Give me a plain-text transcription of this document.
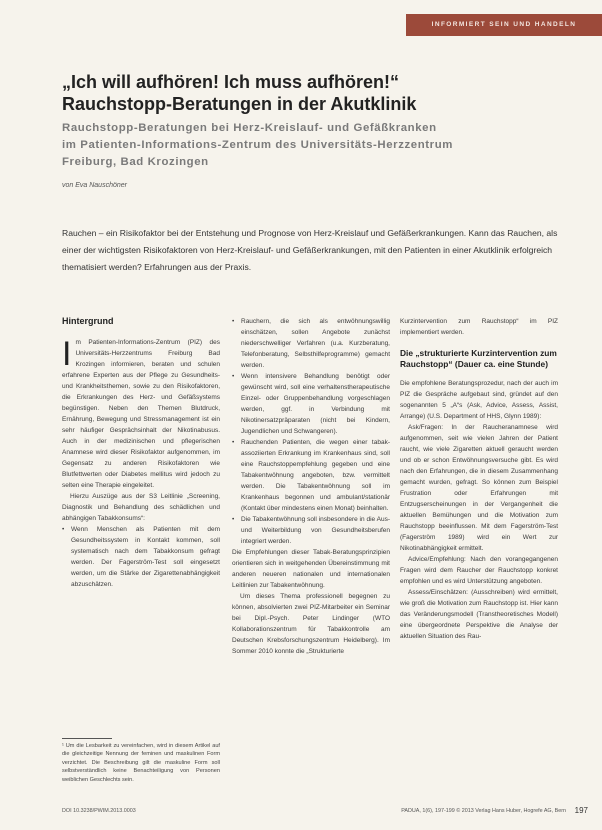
INFORMIERT SEIN UND HANDELN
„Ich will aufhören! Ich muss aufhören!“
Rauchstopp-Beratungen in der Akutklinik
Rauchstopp-Beratungen bei Herz-Kreislauf- und Gefäßkranken
im Patienten-Informations-Zentrum des Universitäts-Herzzentrum
Freiburg, Bad Krozingen
von Eva Nauschöner
Rauchen – ein Risikofaktor bei der Entstehung und Prognose von Herz-Kreislauf und Gefäßerkrankungen. Kann das Rauchen, als einer der wichtigsten Risikofaktoren von Herz-Kreislauf- und Gefäßerkrankungen, mit den Patienten in einer Akutklinik erfolgreich thematisiert werden? Erfahrungen aus der Praxis.
Hintergrund

Im Patienten-Informations-Zentrum (PIZ) des Universitäts-Herzzentrums Freiburg Bad Krozingen informieren, beraten und schulen erfahrene Experten aus der Pflege zu Gesundheits- und Krankheitsthemen, sowie zu den Risikofaktoren, die Erkrankungen des Herz- und Gefäßsystems begünstigen. Neben den Themen Blutdruck, Ernährung, Bewegung und Stressmanagement ist ein sehr häufiger Gesprächsinhalt der Nikotinabusus. Auch in der medizinischen und pflegerischen Anamnese wird dieser Risikofaktor aufgenommen, im Gegensatz zu anderen Risikofaktoren wie Blutfettwerten oder Diabetes mellitus wird jedoch zu selten eine Therapie eingeleitet.

Hierzu Auszüge aus der S3 Leitlinie „Screening, Diagnostik und Behandlung des schädlichen und abhängigen Tabakkonsums“:

• Wenn Menschen als Patienten mit dem Gesundheitssystem in Kontakt kommen, soll systematisch nach dem Tabakkonsum gefragt werden. Der Fagerström-Test soll eingesetzt werden, um die Stärke der Zigarettenabhängigkeit abzuschätzen.
¹ Um die Lesbarkeit zu vereinfachen, wird in diesem Artikel auf die gleichzeitige Nennung der feminen und maskulinen Form verzichtet. Die Beschreibung gilt die maskuline Form soll selbstverständlich keine Benachteiligung von Personen weiblichen Geschlechts sein.
• Rauchern, die sich als entwöhnungswillig einschätzen, sollen Angebote zunächst niederschwelliger Verfahren (u.a. Kurzberatung, Telefonberatung, Selbsthilfeprogramme) gemacht werden.
• Wenn intensivere Behandlung benötigt oder gewünscht wird, soll eine verhaltenstherapeutische Einzel- oder Gruppenbehandlung vorgeschlagen werden, ggf. in Verbindung mit Nikotinersatzpräparaten (nicht bei Kindern, Jugendlichen und Schwangeren).
• Rauchenden Patienten, die wegen einer tabak-assoziierten Erkrankung im Krankenhaus sind, soll eine Rauchstoppempfehlung gegeben und eine Tabakentwöhnung angeboten, bzw. vermittelt werden. Die Tabakentwöhnung soll im Krankenhaus begonnen und ambulant/stationär (Kontakt über mindestens einen Monat) beinhalten.
• Die Tabakentwöhnung soll insbesondere in die Aus- und Weiterbildung von Gesundheitsberufen integriert werden.

Die Empfehlungen dieser Tabak-Beratungsprinzipien orientieren sich in weitgehenden Übereinstimmung mit anderen neueren nationalen und internationalen Leitlinien zur Tabakentwöhnung.

Um dieses Thema professionell begegnen zu können, absolvierten zwei PIZ-Mitarbeiter ein Seminar bei Dipl.-Psych. Peter Lindinger (WTO Kollaborationszentrum für Tabakkontrolle am Deutschen Krebsforschungszentrum Heidelberg). Im Sommer 2010 konnte die „Strukturierte

Kurzintervention zum Rauchstopp“ im PIZ implementiert werden.

Die „strukturierte Kurzintervention zum Rauchstopp“ (Dauer ca. eine Stunde)

Die empfohlene Beratungsprozedur, nach der auch im PIZ die Gespräche aufgebaut sind, gründet auf den sogenannten 5 „A“s (Ask, Advice, Assess, Assist, Arrange) (U.S. Department of HHS, Glynn 1989):

Ask/Fragen: In der Raucheranamnese wird aufgenommen, seit wie vielen Jahren der Patient raucht, wie viele Zigaretten aktuell geraucht werden und ob er schon Entwöhnungsversuche gibt. Es wird nach den Erfahrungen, die in diesem Zusammenhang gemacht wurden, gefragt. So können zum Beispiel Frustration oder Erfahrungen mit Entzugserscheinungen in der Vergangenheit die aktuellen Bemühungen und die Motivation zum Rauchstopp beeinflussen. Mit dem Fagerström-Test (Fagerström 1989) wird ein Wert zur Nikotinabhängigkeit ermittelt.

Advice/Empfehlung: Nach den vorangegangenen Fragen wird dem Raucher der Rauchstopp konkret empfohlen und es wird Unterstützung angeboten.

Assess/Einschätzen: (Ausschreiben) wird ermittelt, wie groß die Motivation zum Rauchstopp ist. Hier kann das Veränderungsmodell (Transtheoretisches Modell) eine übergeordnete Perspektive die Analyse der aktuellen Situation des Rau-

DOI 10.3238/PWIM.2013.0003	PADUA, 1(6), 197-199 © 2013 Verlag Hans Huber, Hogrefe AG, Bern 197
